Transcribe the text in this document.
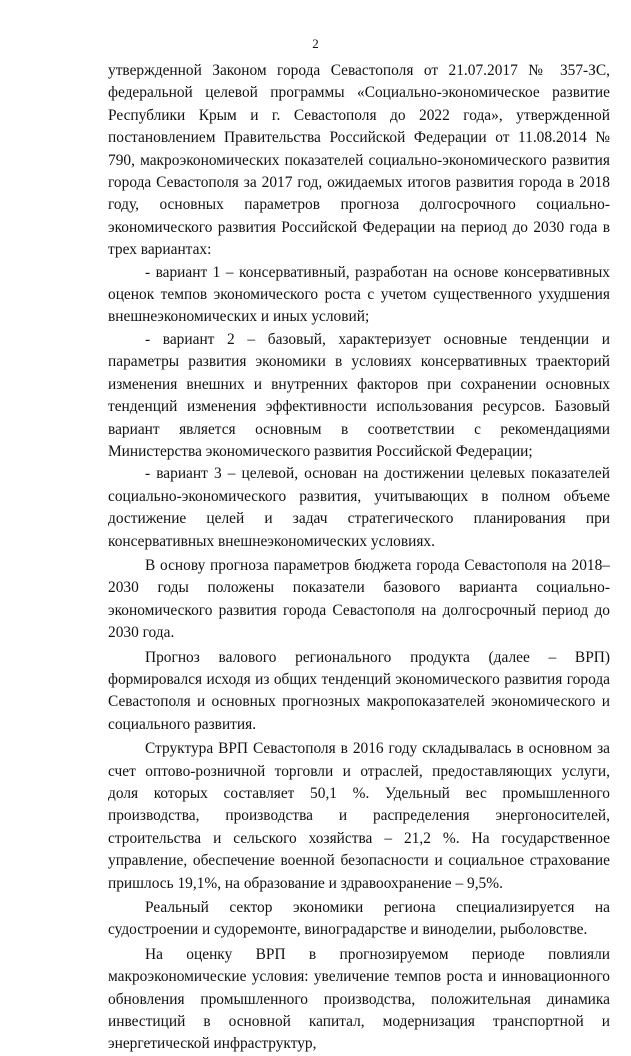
2

утвержденной Законом города Севастополя от 21.07.2017 № 357-ЗС, федеральной целевой программы «Социально-экономическое развитие Республики Крым и г. Севастополя до 2022 года», утвержденной постановлением Правительства Российской Федерации от 11.08.2014 № 790, макроэкономических показателей социально-экономического развития города Севастополя за 2017 год, ожидаемых итогов развития города в 2018 году, основных параметров прогноза долгосрочного социально-экономического развития Российской Федерации на период до 2030 года в трех вариантах:

- вариант 1 – консервативный, разработан на основе консервативных оценок темпов экономического роста с учетом существенного ухудшения внешнеэкономических и иных условий;

- вариант 2 – базовый, характеризует основные тенденции и параметры развития экономики в условиях консервативных траекторий изменения внешних и внутренних факторов при сохранении основных тенденций изменения эффективности использования ресурсов. Базовый вариант является основным в соответствии с рекомендациями Министерства экономического развития Российской Федерации;

- вариант 3 – целевой, основан на достижении целевых показателей социально-экономического развития, учитывающих в полном объеме достижение целей и задач стратегического планирования при консервативных внешнеэкономических условиях.

В основу прогноза параметров бюджета города Севастополя на 2018–2030 годы положены показатели базового варианта социально-экономического развития города Севастополя на долгосрочный период до 2030 года.

Прогноз валового регионального продукта (далее – ВРП) формировался исходя из общих тенденций экономического развития города Севастополя и основных прогнозных макропоказателей экономического и социального развития.

Структура ВРП Севастополя в 2016 году складывалась в основном за счет оптово-розничной торговли и отраслей, предоставляющих услуги, доля которых составляет 50,1 %. Удельный вес промышленного производства, производства и распределения энергоносителей, строительства и сельского хозяйства – 21,2 %. На государственное управление, обеспечение военной безопасности и социальное страхование пришлось 19,1%, на образование и здравоохранение – 9,5%.

Реальный сектор экономики региона специализируется на судостроении и судоремонте, виноградарстве и виноделии, рыболовстве.

На оценку ВРП в прогнозируемом периоде повлияли макроэкономические условия: увеличение темпов роста и инновационного обновления промышленного производства, положительная динамика инвестиций в основной капитал, модернизация транспортной и энергетической инфраструктур,
